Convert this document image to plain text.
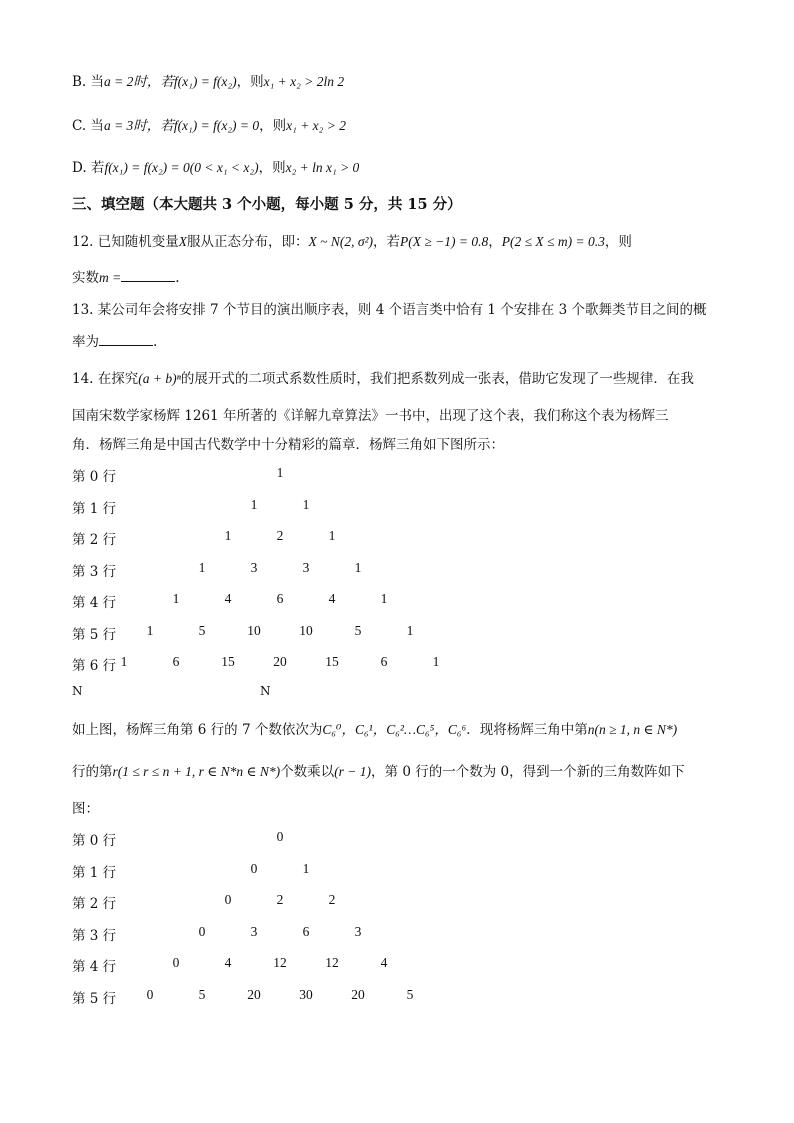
B. 当a = 2时，若f(x₁) = f(x₂)，则x₁ + x₂ > 2ln 2
C. 当a = 3时，若f(x₁) = f(x₂) = 0，则x₁ + x₂ > 2
D. 若f(x₁) = f(x₂) = 0(0 < x₁ < x₂)，则x₂ + ln x₁ > 0
三、填空题（本大题共 3 个小题，每小题 5 分，共 15 分）
12. 已知随机变量X服从正态分布，即：X ~ N(2, σ²)，若P(X ≥ −1) = 0.8，P(2 ≤ X ≤ m) = 0.3，则
实数m =	.
13. 某公司年会将安排 7 个节目的演出顺序表，则 4 个语言类中恰有 1 个安排在 3 个歌舞类节目之间的概
率为	.
14. 在探究(a + b)ⁿ的展开式的二项式系数性质时，我们把系数列成一张表，借助它发现了一些规律．在我
国南宋数学家杨辉 1261 年所著的《详解九章算法》一书中，出现了这个表，我们称这个表为杨辉三
角．杨辉三角是中国古代数学中十分精彩的篇章．杨辉三角如下图所示：
第 0 行	1
第 1 行	1	1
第 2 行	1	2	1
第 3 行	1	3	3	1
第 4 行	1	4	6	4	1
第 5 行 1	5	10	10	5	1
第 6 行 1	6	15	20	15	6	1
N	N
如上图，杨辉三角第 6 行的 7 个数依次为C₆⁰，C₆¹，C₆²…C₆⁵，C₆⁶．现将杨辉三角中第n(n ≥ 1, n ∈ N*)
行的第r(1 ≤ r ≤ n + 1, r ∈ N*n ∈ N*)个数乘以(r − 1)，第 0 行的一个数为 0，得到一个新的三角数阵如下
图：
第 0 行	0
第 1 行	0	1
第 2 行	0	2	2
第 3 行	0	3	6	3
第 4 行	0	4	12	12	4
第 5 行 0	5	20	30	20	5
